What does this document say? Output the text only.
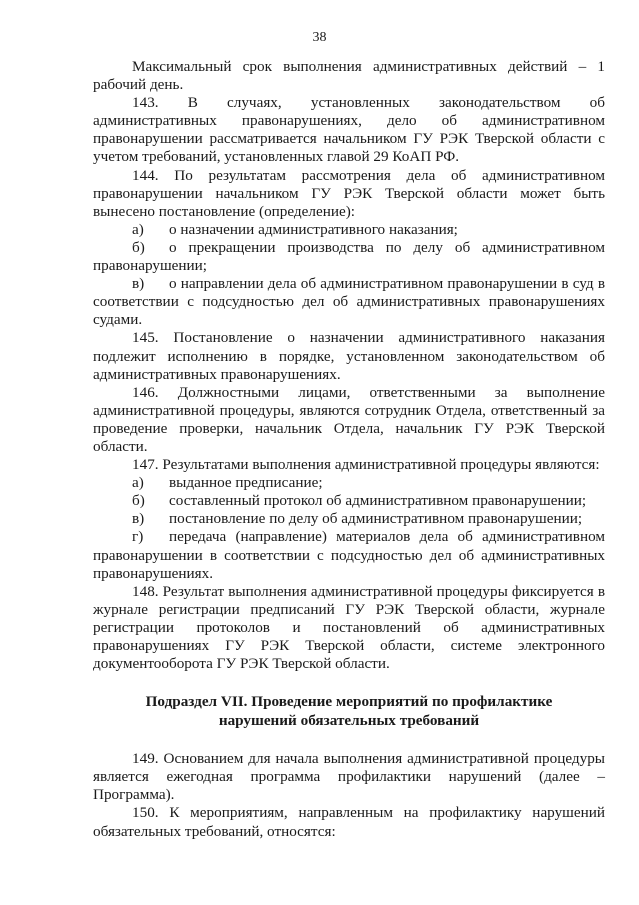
38

Максимальный срок выполнения административных действий – 1 рабочий день.

143. В случаях, установленных законодательством об административных правонарушениях, дело об административном правонарушении рассматривается начальником ГУ РЭК Тверской области с учетом требований, установленных главой 29 КоАП РФ.

144. По результатам рассмотрения дела об административном правонарушении начальником ГУ РЭК Тверской области может быть вынесено постановление (определение):

а) о назначении административного наказания;

б) о прекращении производства по делу об административном правонарушении;

в) о направлении дела об административном правонарушении в суд в соответствии с подсудностью дел об административных правонарушениях судами.

145. Постановление о назначении административного наказания подлежит исполнению в порядке, установленном законодательством об административных правонарушениях.

146. Должностными лицами, ответственными за выполнение административной процедуры, являются сотрудник Отдела, ответственный за проведение проверки, начальник Отдела, начальник ГУ РЭК Тверской области.

147. Результатами выполнения административной процедуры являются:

а) выданное предписание;

б) составленный протокол об административном правонарушении;

в) постановление по делу об административном правонарушении;

г) передача (направление) материалов дела об административном правонарушении в соответствии с подсудностью дел об административных правонарушениях.

148. Результат выполнения административной процедуры фиксируется в журнале регистрации предписаний ГУ РЭК Тверской области, журнале регистрации протоколов и постановлений об административных правонарушениях ГУ РЭК Тверской области, системе электронного документооборота ГУ РЭК Тверской области.

Подраздел VII. Проведение мероприятий по профилактике
нарушений обязательных требований

149. Основанием для начала выполнения административной процедуры является ежегодная программа профилактики нарушений (далее – Программа).

150. К мероприятиям, направленным на профилактику нарушений обязательных требований, относятся:
